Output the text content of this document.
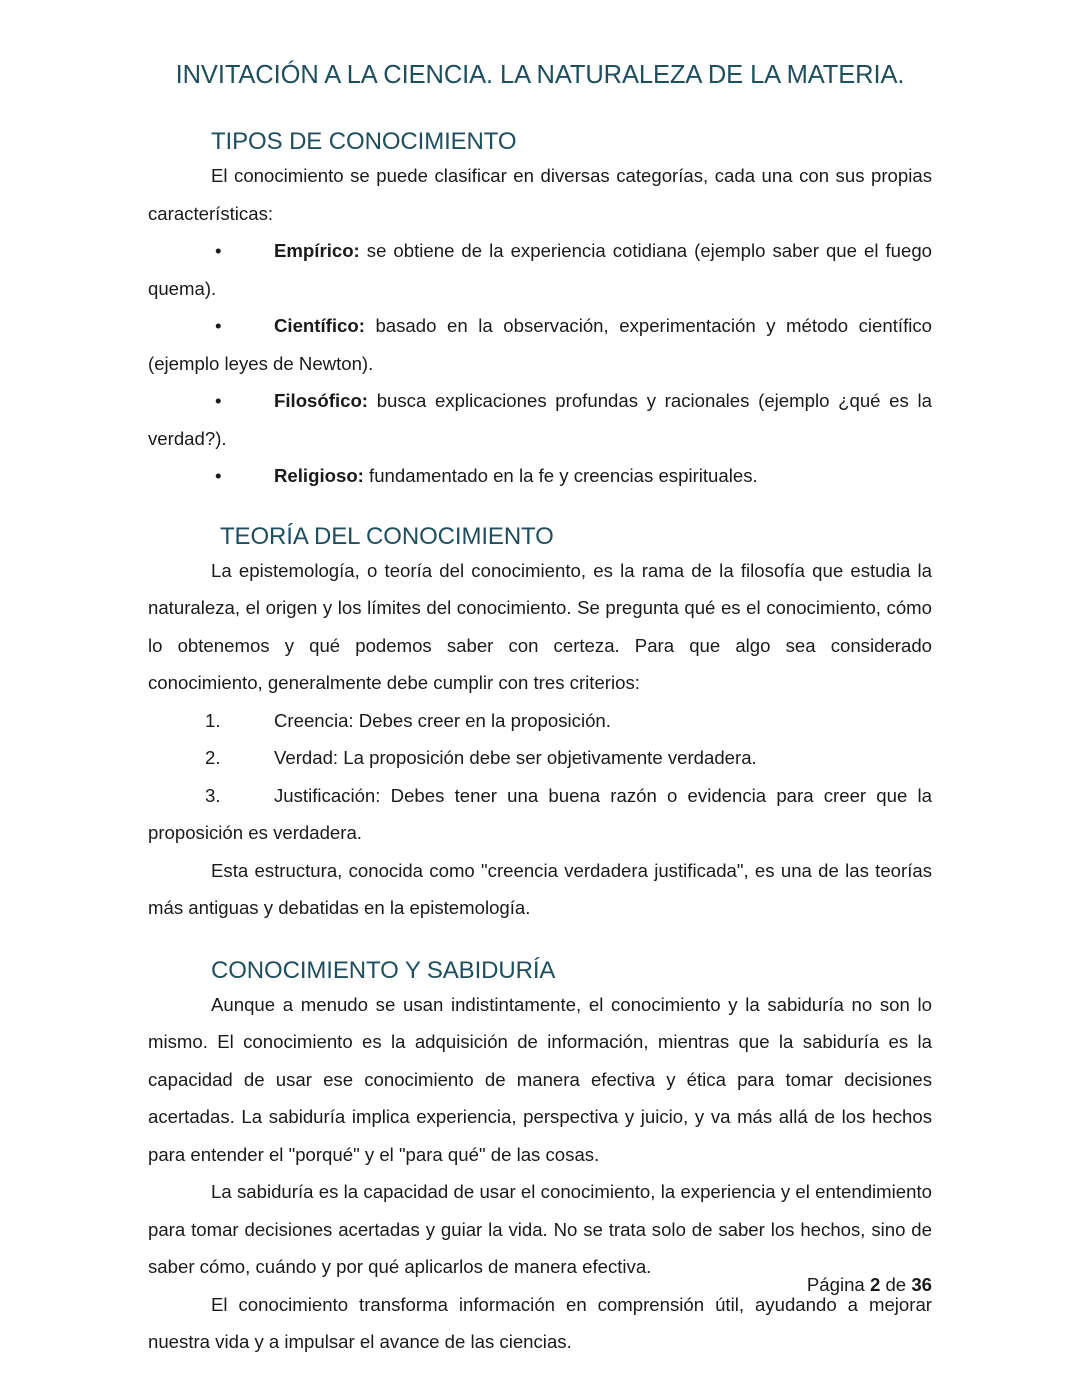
INVITACIÓN A LA CIENCIA. LA NATURALEZA DE LA MATERIA.
TIPOS DE CONOCIMIENTO

El conocimiento se puede clasificar en diversas categorías, cada una con sus propias características:

•	Empírico: se obtiene de la experiencia cotidiana (ejemplo saber que el fuego quema).
•	Científico: basado en la observación, experimentación y método científico (ejemplo leyes de Newton).
•	Filosófico: busca explicaciones profundas y racionales (ejemplo ¿qué es la verdad?).
•	Religioso: fundamentado en la fe y creencias espirituales.
TEORÍA DEL CONOCIMIENTO

La epistemología, o teoría del conocimiento, es la rama de la filosofía que estudia la naturaleza, el origen y los límites del conocimiento. Se pregunta qué es el conocimiento, cómo lo obtenemos y qué podemos saber con certeza. Para que algo sea considerado conocimiento, generalmente debe cumplir con tres criterios:

1.	Creencia: Debes creer en la proposición.
2.	Verdad: La proposición debe ser objetivamente verdadera.
3.	Justificación: Debes tener una buena razón o evidencia para creer que la proposición es verdadera.

Esta estructura, conocida como "creencia verdadera justificada", es una de las teorías más antiguas y debatidas en la epistemología.

CONOCIMIENTO Y SABIDURÍA

Aunque a menudo se usan indistintamente, el conocimiento y la sabiduría no son lo mismo. El conocimiento es la adquisición de información, mientras que la sabiduría es la capacidad de usar ese conocimiento de manera efectiva y ética para tomar decisiones acertadas. La sabiduría implica experiencia, perspectiva y juicio, y va más allá de los hechos para entender el "porqué" y el "para qué" de las cosas.

La sabiduría es la capacidad de usar el conocimiento, la experiencia y el entendimiento para tomar decisiones acertadas y guiar la vida. No se trata solo de saber los hechos, sino de saber cómo, cuándo y por qué aplicarlos de manera efectiva.

El conocimiento transforma información en comprensión útil, ayudando a mejorar nuestra vida y a impulsar el avance de las ciencias.

Página 2 de 36
